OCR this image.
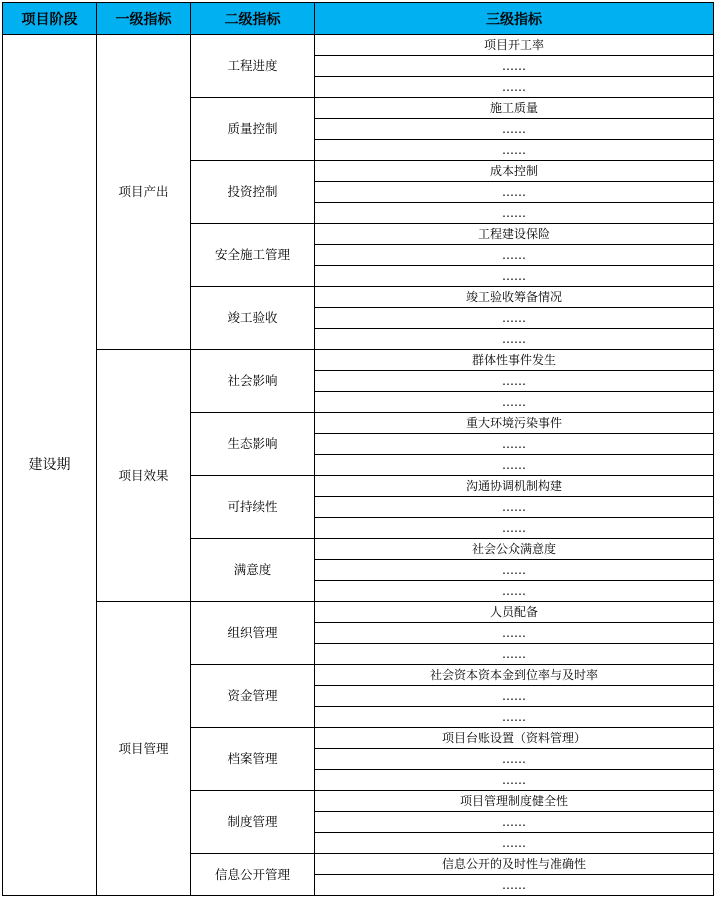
项目阶段	一级指标	二级指标	三级指标
建设期	项目产出	工程进度	项目开工率
			……
			……
		质量控制	施工质量
			……
			……
		投资控制	成本控制
			……
			……
		安全施工管理	工程建设保险
			……
			……
		竣工验收	竣工验收筹备情况
			……
			……
	项目效果	社会影响	群体性事件发生
			……
			……
		生态影响	重大环境污染事件
			……
			……
		可持续性	沟通协调机制构建
			……
			……
		满意度	社会公众满意度
			……
			……
	项目管理	组织管理	人员配备
			……
			……
		资金管理	社会资本资本金到位率与及时率
			……
			……
		档案管理	项目台账设置（资料管理）
			……
			……
		制度管理	项目管理制度健全性
			……
			……
		信息公开管理	信息公开的及时性与准确性
			……
